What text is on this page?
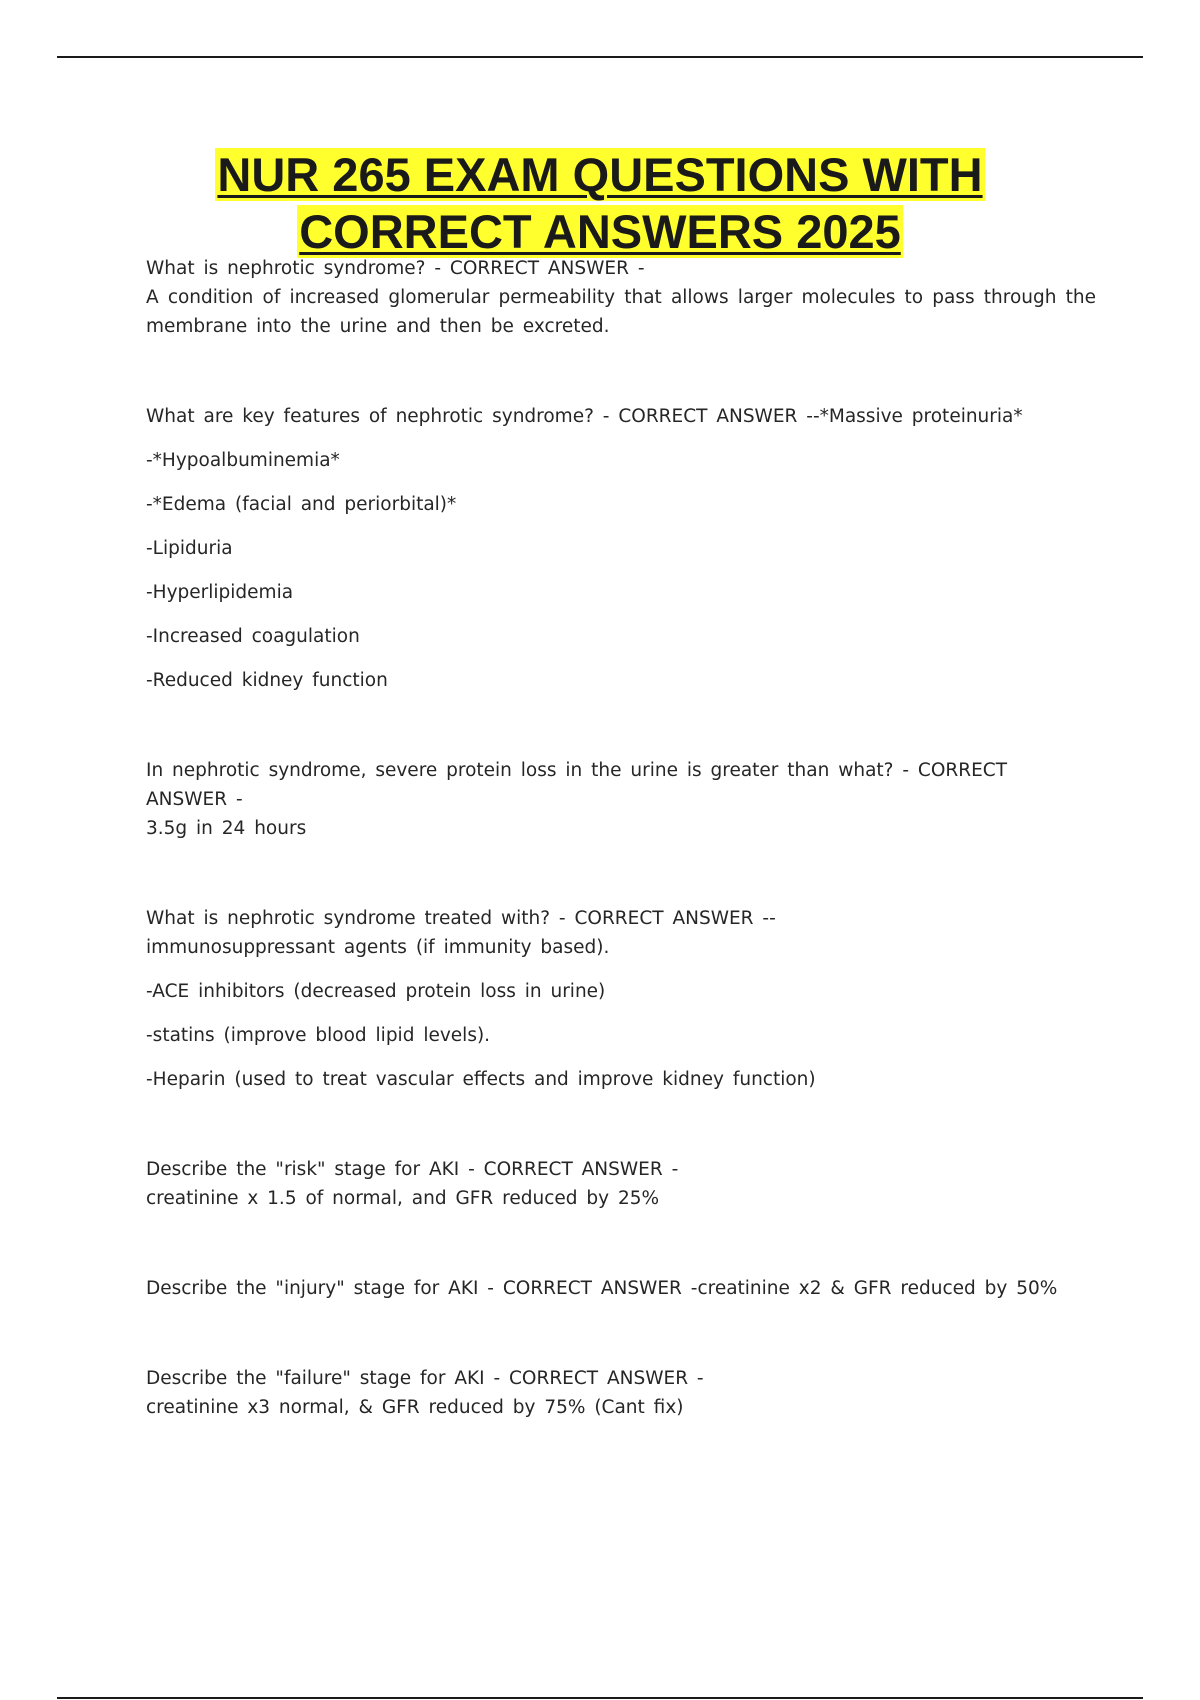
NUR 265 EXAM QUESTIONS WITH
CORRECT ANSWERS 2025

What is nephrotic syndrome? - CORRECT ANSWER -

A condition of increased glomerular permeability that allows larger molecules to pass through the membrane into the urine and then be excreted.

What are key features of nephrotic syndrome? - CORRECT ANSWER --*Massive proteinuria*

-*Hypoalbuminemia*

-*Edema (facial and periorbital)*

-Lipiduria

-Hyperlipidemia

-Increased coagulation

-Reduced kidney function

In nephrotic syndrome, severe protein loss in the urine is greater than what? - CORRECT ANSWER -

3.5g in 24 hours

What is nephrotic syndrome treated with? - CORRECT ANSWER --

immunosuppressant agents (if immunity based).

-ACE inhibitors (decreased protein loss in urine)

-statins (improve blood lipid levels).

-Heparin (used to treat vascular effects and improve kidney function)

Describe the "risk" stage for AKI - CORRECT ANSWER -

creatinine x 1.5 of normal, and GFR reduced by 25%

Describe the "injury" stage for AKI - CORRECT ANSWER -creatinine x2 & GFR reduced by 50%

Describe the "failure" stage for AKI - CORRECT ANSWER -

creatinine x3 normal, & GFR reduced by 75% (Cant fix)
